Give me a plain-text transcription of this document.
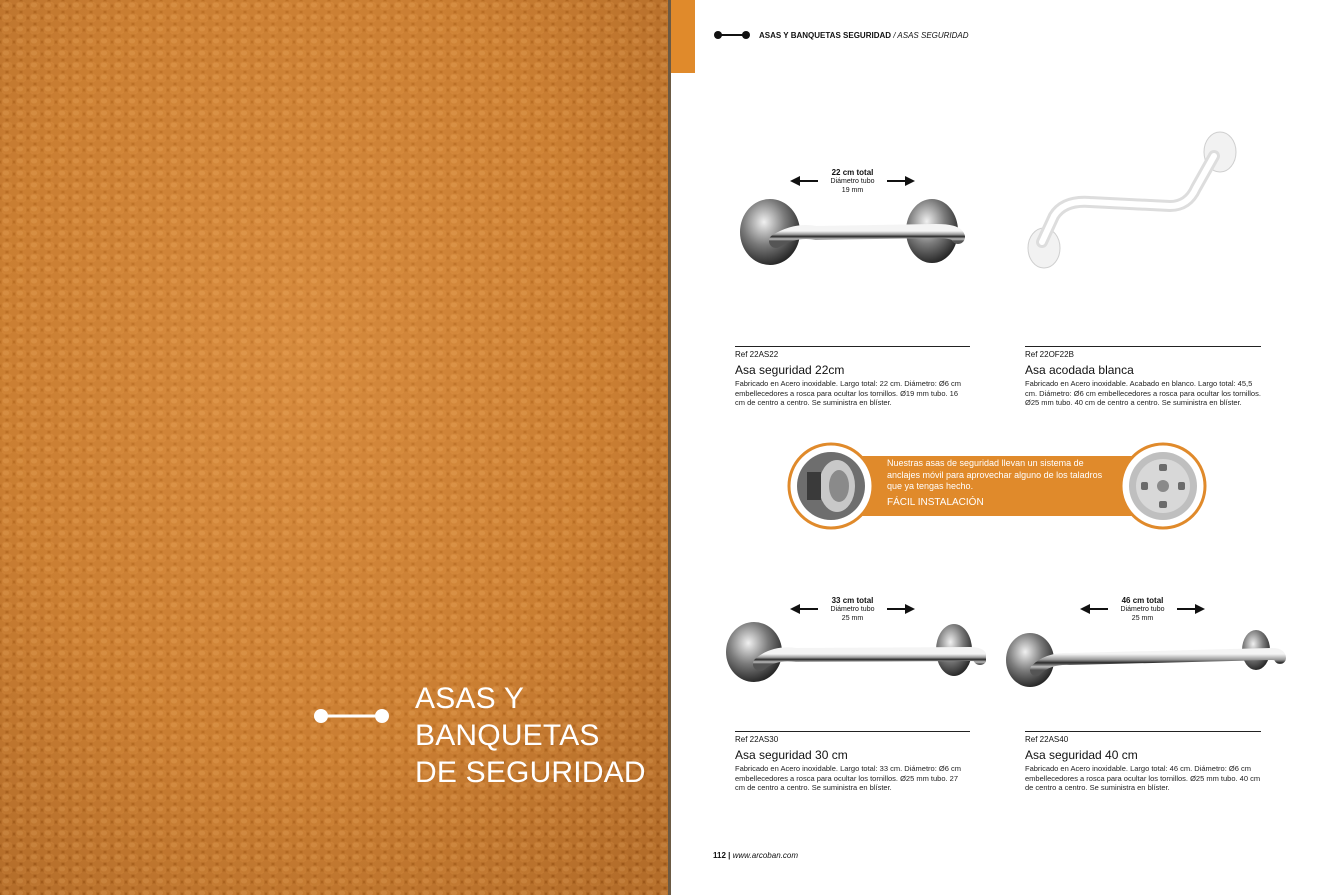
ASAS Y
BANQUETAS
DE SEGURIDAD
ASAS Y BANQUETAS SEGURIDAD / ASAS SEGURIDAD
22 cm total
Diámetro tubo
19 mm
Ref 22AS22
Asa seguridad 22cm
Fabricado en Acero inoxidable. Largo total: 22 cm. Diámetro: Ø6 cm embellecedores a rosca para ocultar los tornillos. Ø19 mm tubo. 16 cm de centro a centro. Se suministra en blíster.
Ref 22OF22B
Asa acodada blanca
Fabricado en Acero inoxidable. Acabado en blanco. Largo total: 45,5 cm. Diámetro: Ø6 cm embellecedores a rosca para ocultar los tornillos. Ø25 mm tubo. 40 cm de centro a centro. Se suministra en blíster.
Nuestras asas de seguridad llevan un sistema de anclajes móvil para aprovechar alguno de los taladros que ya tengas hecho.
FÁCIL INSTALACIÓN
33 cm total
Diámetro tubo
25 mm
46 cm total
Diámetro tubo
25 mm
Ref 22AS30
Asa seguridad 30 cm
Fabricado en Acero inoxidable. Largo total: 33 cm. Diámetro: Ø6 cm embellecedores a rosca para ocultar los tornillos. Ø25 mm tubo. 27 cm de centro a centro. Se suministra en blíster.
Ref 22AS40
Asa seguridad 40 cm
Fabricado en Acero inoxidable. Largo total: 46 cm. Diámetro: Ø6 cm embellecedores a rosca para ocultar los tornillos. Ø25 mm tubo. 40 cm de centro a centro. Se suministra en blíster.
112 | www.arcoban.com
